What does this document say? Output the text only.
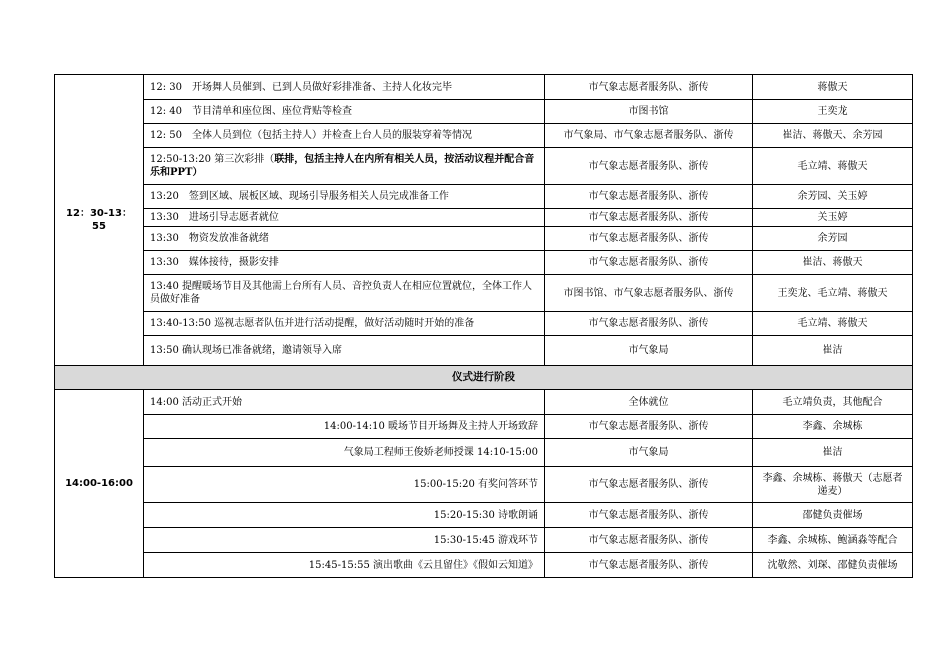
12：30-13：55	12: 30　开场舞人员催到、已到人员做好彩排准备、主持人化妆完毕	市气象志愿者服务队、浙传	蒋傲天
	12: 40　节目清单和座位图、座位背贴等检查	市图书馆	王奕龙
	12: 50　全体人员到位（包括主持人）并检查上台人员的服装穿着等情况	市气象局、市气象志愿者服务队、浙传	崔洁、蒋傲天、余芳园
	12:50-13:20 第三次彩排（联排，包括主持人在内所有相关人员，按活动议程并配合音乐和PPT）	市气象志愿者服务队、浙传	毛立靖、蒋傲天
	13:20　签到区域、展板区域、现场引导服务相关人员完成准备工作	市气象志愿者服务队、浙传	余芳园、关玉婷
	13:30　进场引导志愿者就位	市气象志愿者服务队、浙传	关玉婷
	13:30　物资发放准备就绪	市气象志愿者服务队、浙传	余芳园
	13:30　媒体接待，摄影安排	市气象志愿者服务队、浙传	崔洁、蒋傲天
	13:40 提醒暖场节目及其他需上台所有人员、音控负责人在相应位置就位，全体工作人员做好准备	市图书馆、市气象志愿者服务队、浙传	王奕龙、毛立靖、蒋傲天
	13:40-13:50 巡视志愿者队伍并进行活动提醒，做好活动随时开始的准备	市气象志愿者服务队、浙传	毛立靖、蒋傲天
	13:50 确认现场已准备就绪，邀请领导入席	市气象局	崔洁
仪式进行阶段			
14:00-16:00	14:00 活动正式开始	全体就位	毛立靖负责，其他配合
	14:00-14:10 暖场节目开场舞及主持人开场致辞	市气象志愿者服务队、浙传	李鑫、余城栋
	气象局工程师王俊娇老师授课 14:10-15:00	市气象局	崔洁
	15:00-15:20 有奖问答环节	市气象志愿者服务队、浙传	李鑫、余城栋、蒋傲天（志愿者递麦）
	15:20-15:30 诗歌朗诵	市气象志愿者服务队、浙传	邵健负责催场
	15:30-15:45 游戏环节	市气象志愿者服务队、浙传	李鑫、余城栋、鲍涵淼等配合
	15:45-15:55 演出歌曲《云且留住》《假如云知道》	市气象志愿者服务队、浙传	沈敬然、刘琛、邵健负责催场
